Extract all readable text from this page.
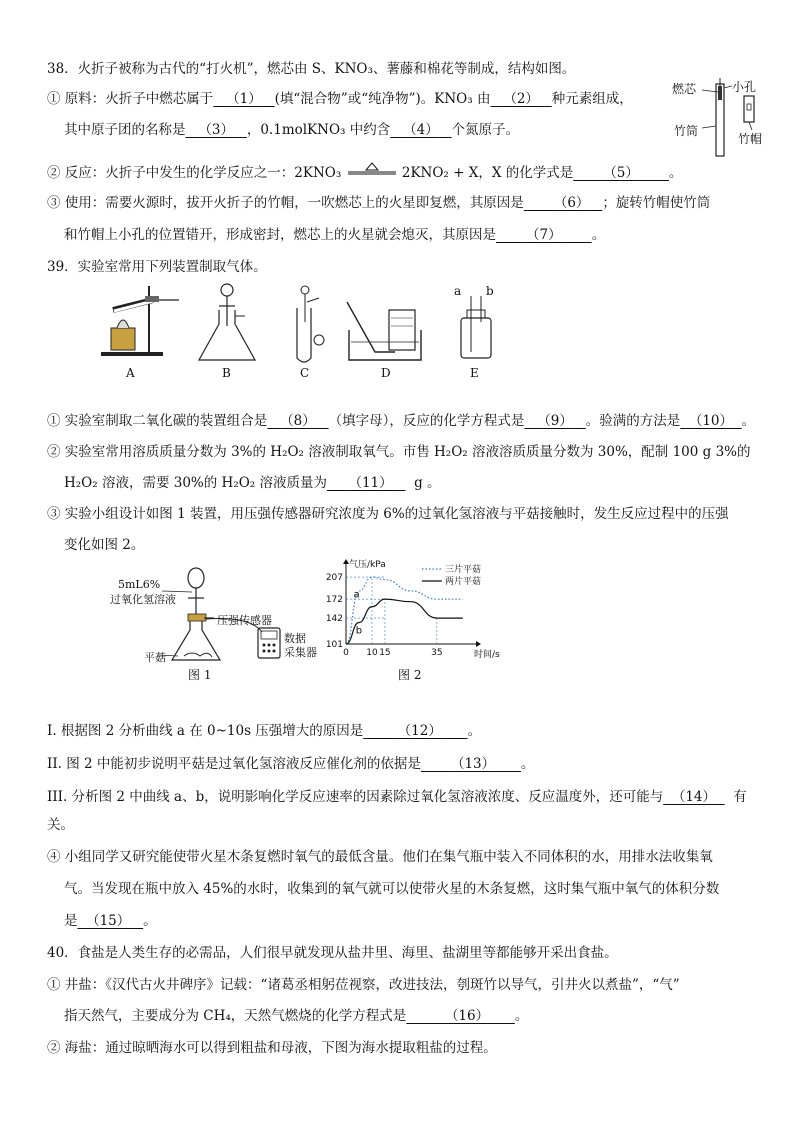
38．火折子被称为古代的“打火机”，燃芯由 S、KNO₃、薯藤和棉花等制成，结构如图。
① 原料：火折子中燃芯属于 （1） (填“混合物”或“纯净物”)。KNO₃ 由 （2） 种元素组成，
其中原子团的名称是 （3） ，0.1molKNO₃ 中约含 （4） 个氮原子。
燃芯	小孔
竹筒
竹帽
② 反应：火折子中发生的化学反应之一：2KNO₃	2KNO₂ + X，X 的化学式是 （5） 。
③ 使用：需要火源时，拔开火折子的竹帽，一吹燃芯上的火星即复燃，其原因是 （6） ；旋转竹帽使竹筒
和竹帽上小孔的位置错开，形成密封，燃芯上的火星就会熄灭，其原因是 （7） 。
39．实验室常用下列装置制取气体。
A	B	C	D	E
a b
① 实验室制取二氧化碳的装置组合是 （8） （填字母），反应的化学方程式是 （9） 。验满的方法是 （10） 。
② 实验室常用溶质质量分数为 3%的 H₂O₂ 溶液制取氧气。市售 H₂O₂ 溶液溶质质量分数为 30%，配制 100 g 3%的
H₂O₂ 溶液，需要 30%的 H₂O₂ 溶液质量为 （11） g 。
③ 实验小组设计如图 1 装置，用压强传感器研究浓度为 6%的过氧化氢溶液与平菇接触时，发生反应过程中的压强
变化如图 2。
5mL6%
过氧化氢溶液
压强传感器
数据
采集器
平菇
图 1
气压/kPa
时间/s
101
142
172
207
0 10 15	35
三片平菇
两片平菇
a
b
图 2
I. 根据图 2 分析曲线 a 在 0~10s 压强增大的原因是	（12） 。
II. 图 2 中能初步说明平菇是过氧化氢溶液反应催化剂的依据是 （13） 。
III. 分析图 2 中曲线 a、b，说明影响化学反应速率的因素除过氧化氢溶液浓度、反应温度外，还可能与 （14） 有
关。
④ 小组同学又研究能使带火星木条复燃时氧气的最低含量。他们在集气瓶中装入不同体积的水，用排水法收集氧
气。当发现在瓶中放入 45%的水时，收集到的氧气就可以使带火星的木条复燃，这时集气瓶中氧气的体积分数
是 （15） 。
40．食盐是人类生存的必需品，人们很早就发现从盐井里、海里、盐湖里等都能够开采出食盐。
① 井盐：《汉代古火井碑序》记载：“诸葛丞相躬莅视察，改进技法，刳斑竹以导气，引井火以煮盐”，“气”
指天然气，主要成分为 CH₄，天然气燃烧的化学方程式是	（16） 。
② 海盐：通过晾晒海水可以得到粗盐和母液，下图为海水提取粗盐的过程。
